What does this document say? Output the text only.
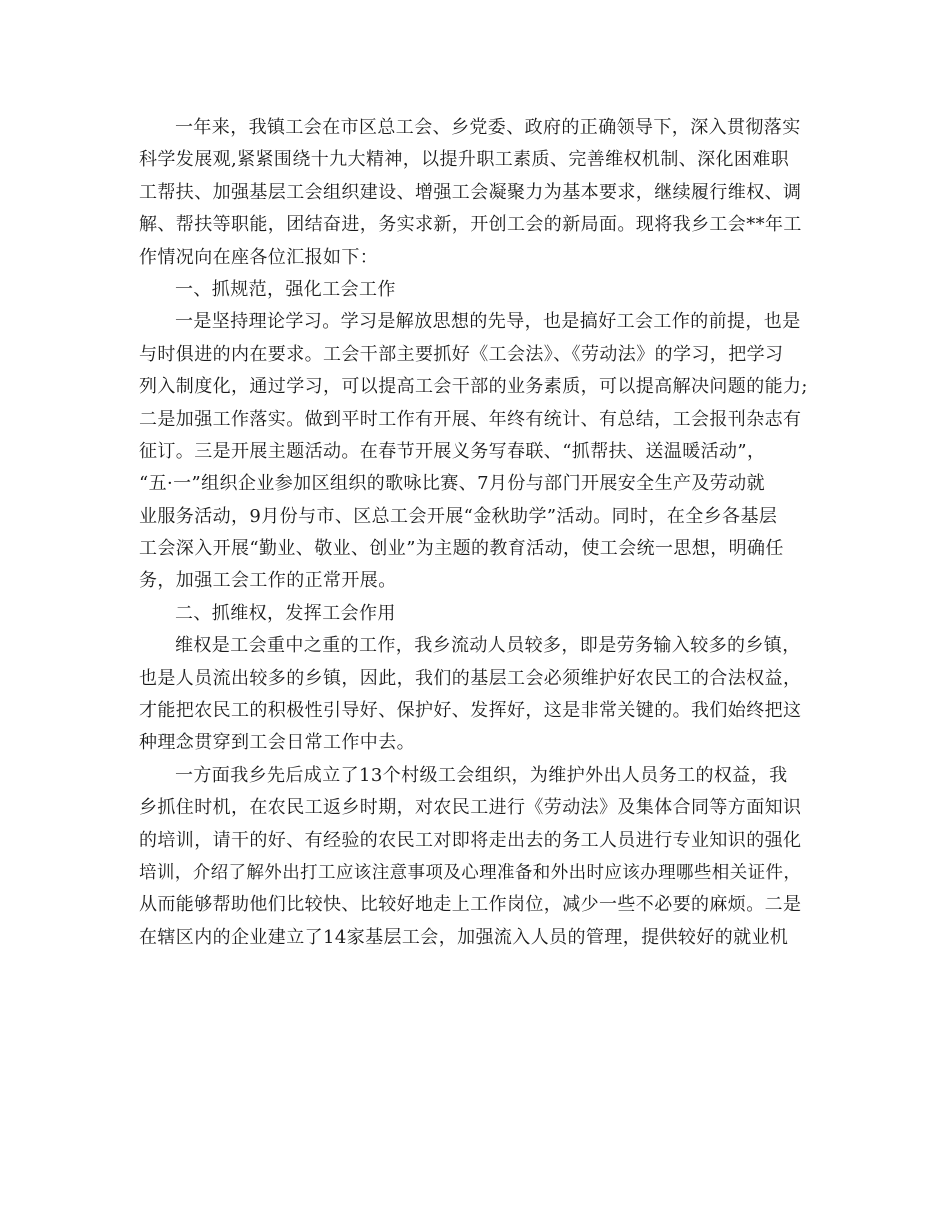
一年来，我镇工会在市区总工会、乡党委、政府的正确领导下，深入贯彻落实
科学发展观,紧紧围绕十九大精神，以提升职工素质、完善维权机制、深化困难职
工帮扶、加强基层工会组织建设、增强工会凝聚力为基本要求，继续履行维权、调
解、帮扶等职能，团结奋进，务实求新，开创工会的新局面。现将我乡工会**年工
作情况向在座各位汇报如下：
一、抓规范，强化工会工作
一是坚持理论学习。学习是解放思想的先导，也是搞好工会工作的前提，也是
与时俱进的内在要求。工会干部主要抓好《工会法》、《劳动法》的学习，把学习
列入制度化，通过学习，可以提高工会干部的业务素质，可以提高解决问题的能力;
二是加强工作落实。做到平时工作有开展、年终有统计、有总结，工会报刊杂志有
征订。三是开展主题活动。在春节开展义务写春联、“抓帮扶、送温暖活动”，
“五·一”组织企业参加区组织的歌咏比赛、7月份与部门开展安全生产及劳动就
业服务活动，9月份与市、区总工会开展“金秋助学”活动。同时，在全乡各基层
工会深入开展“勤业、敬业、创业”为主题的教育活动，使工会统一思想，明确任
务，加强工会工作的正常开展。
二、抓维权，发挥工会作用
维权是工会重中之重的工作，我乡流动人员较多，即是劳务输入较多的乡镇，
也是人员流出较多的乡镇，因此，我们的基层工会必须维护好农民工的合法权益，
才能把农民工的积极性引导好、保护好、发挥好，这是非常关键的。我们始终把这
种理念贯穿到工会日常工作中去。
一方面我乡先后成立了13个村级工会组织，为维护外出人员务工的权益，我
乡抓住时机，在农民工返乡时期，对农民工进行《劳动法》及集体合同等方面知识
的培训，请干的好、有经验的农民工对即将走出去的务工人员进行专业知识的强化
培训，介绍了解外出打工应该注意事项及心理准备和外出时应该办理哪些相关证件，
从而能够帮助他们比较快、比较好地走上工作岗位，减少一些不必要的麻烦。二是
在辖区内的企业建立了14家基层工会，加强流入人员的管理，提供较好的就业机
